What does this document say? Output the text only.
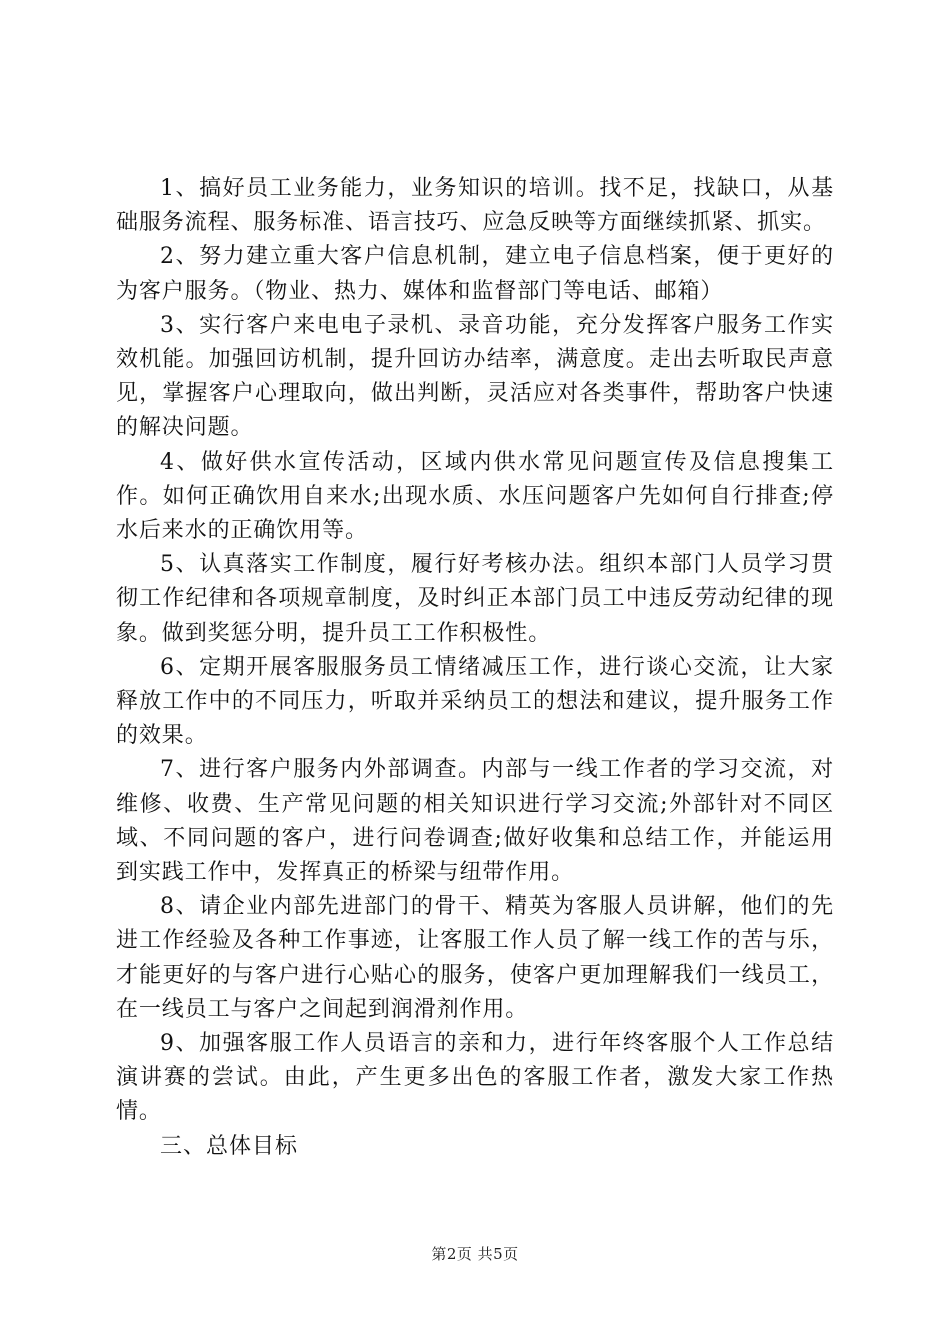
1、搞好员工业务能力，业务知识的培训。找不足，找缺口，从基础服务流程、服务标准、语言技巧、应急反映等方面继续抓紧、抓实。

2、努力建立重大客户信息机制，建立电子信息档案，便于更好的为客户服务。（物业、热力、媒体和监督部门等电话、邮箱）

3、实行客户来电电子录机、录音功能，充分发挥客户服务工作实效机能。加强回访机制，提升回访办结率，满意度。走出去听取民声意见，掌握客户心理取向，做出判断，灵活应对各类事件，帮助客户快速的解决问题。

4、做好供水宣传活动，区域内供水常见问题宣传及信息搜集工作。如何正确饮用自来水;出现水质、水压问题客户先如何自行排查;停水后来水的正确饮用等。

5、认真落实工作制度，履行好考核办法。组织本部门人员学习贯彻工作纪律和各项规章制度，及时纠正本部门员工中违反劳动纪律的现象。做到奖惩分明，提升员工工作积极性。

6、定期开展客服服务员工情绪减压工作，进行谈心交流，让大家释放工作中的不同压力，听取并采纳员工的想法和建议，提升服务工作的效果。

7、进行客户服务内外部调查。内部与一线工作者的学习交流，对维修、收费、生产常见问题的相关知识进行学习交流;外部针对不同区域、不同问题的客户，进行问卷调查;做好收集和总结工作，并能运用到实践工作中，发挥真正的桥梁与纽带作用。

8、请企业内部先进部门的骨干、精英为客服人员讲解，他们的先进工作经验及各种工作事迹，让客服工作人员了解一线工作的苦与乐，才能更好的与客户进行心贴心的服务，使客户更加理解我们一线员工，在一线员工与客户之间起到润滑剂作用。

9、加强客服工作人员语言的亲和力，进行年终客服个人工作总结演讲赛的尝试。由此，产生更多出色的客服工作者，激发大家工作热情。

三、总体目标

第2页 共5页
